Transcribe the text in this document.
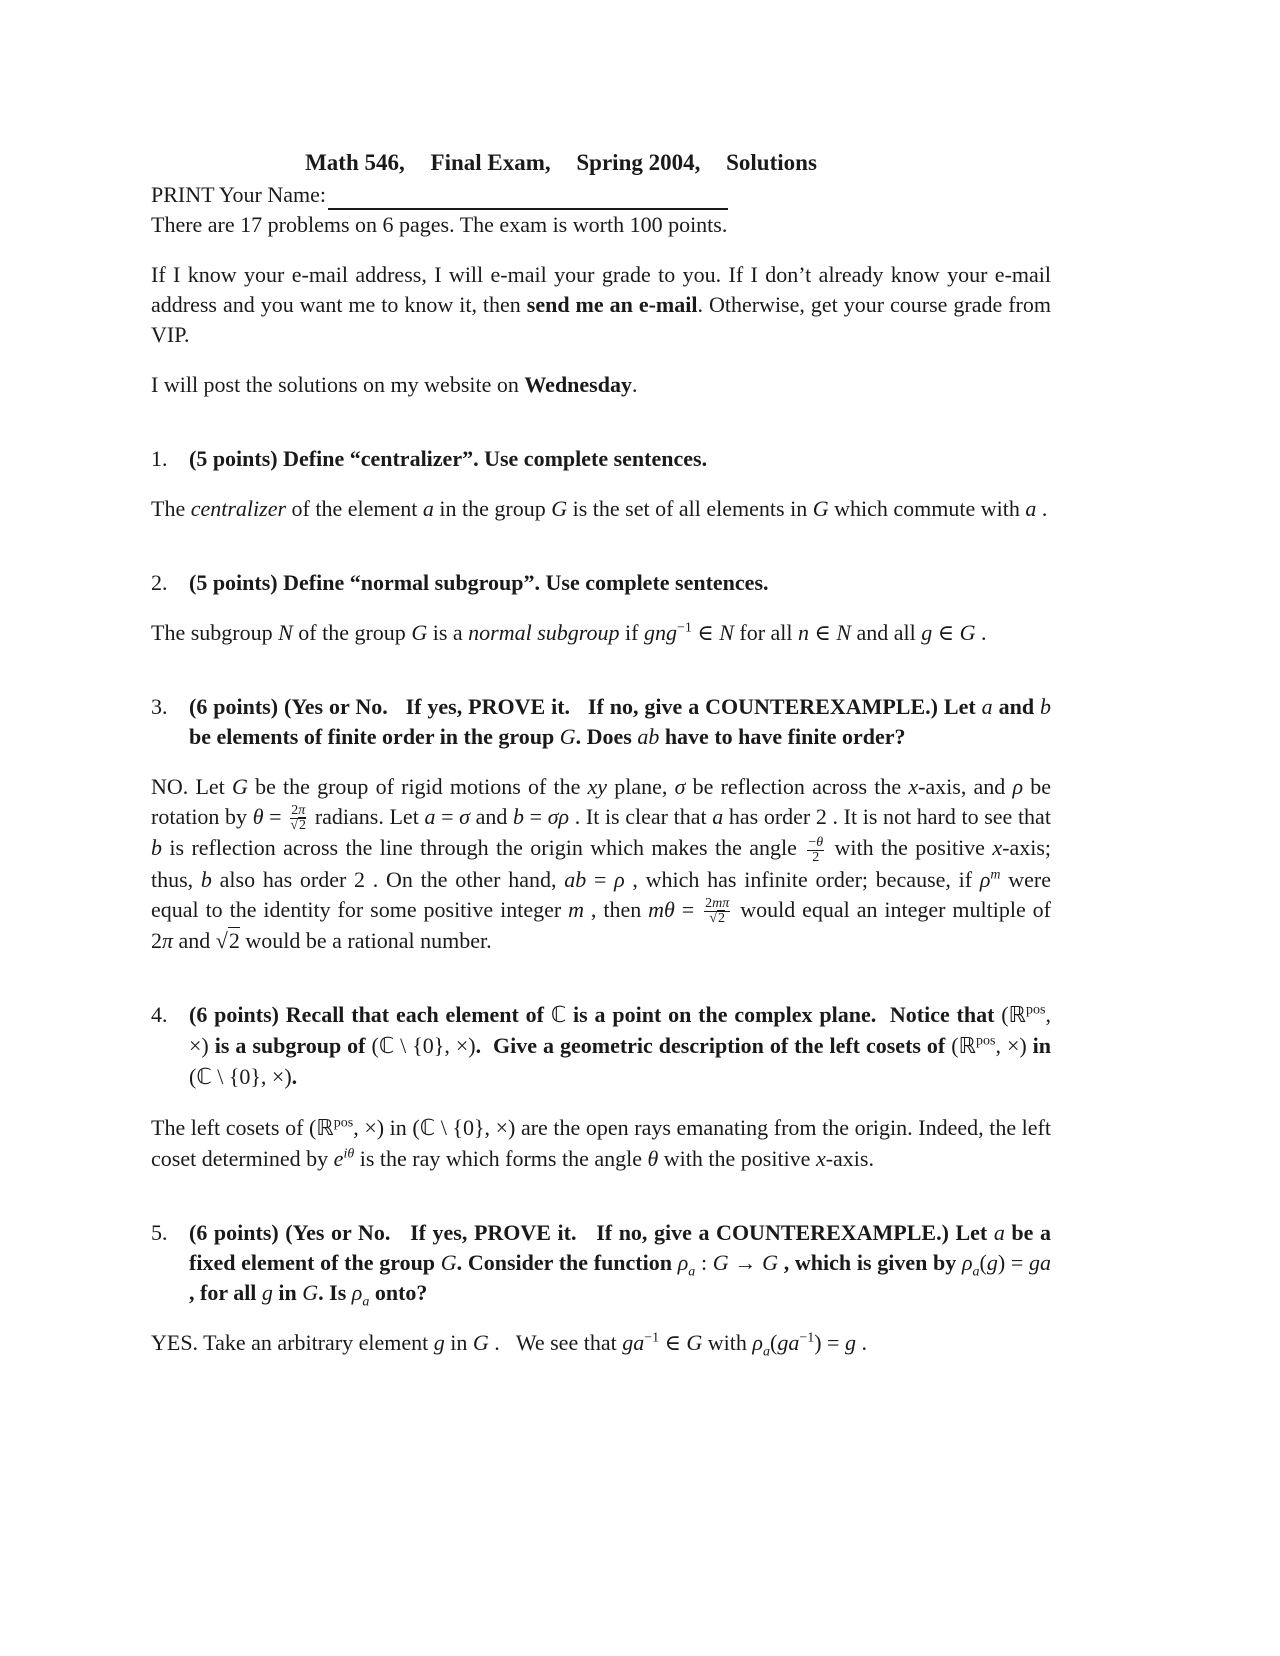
Math 546, Final Exam, Spring 2004, Solutions
PRINT Your Name:

There are 17 problems on 6 pages. The exam is worth 100 points.

If I know your e-mail address, I will e-mail your grade to you. If I don’t already know your e-mail address and you want me to know it, then send me an e-mail. Otherwise, get your course grade from VIP.

I will post the solutions on my website on Wednesday.

1. (5 points) Define “centralizer”. Use complete sentences.

The centralizer of the element a in the group G is the set of all elements in G which commute with a .

2. (5 points) Define “normal subgroup”. Use complete sentences.

The subgroup N of the group G is a normal subgroup if gng$^{-1}$ ∈ N for all n ∈ N and all g ∈ G .

3. (6 points) (Yes or No.   If yes, PROVE it.   If no, give a COUNTEREXAMPLE.) Let a and b be elements of finite order in the group G. Does ab have to have finite order?

NO. Let G be the group of rigid motions of the xy plane, σ be reflection across the x-axis, and ρ be rotation by $\theta = \frac{2\pi}{√2}$ radians. Let a = σ and b = σρ . It is clear that a has order 2 . It is not hard to see that b is reflection across the line through the origin which makes the angle $\frac{-\theta}{2}$ with the positive x-axis; thus, b also has order 2 . On the other hand, ab = ρ , which has infinite order; because, if $\rho^m$ were equal to the identity for some positive integer m , then $m\theta = \frac{2m\pi}{√2}$ would equal an integer multiple of 2π and √2 would be a rational number.

4. (6 points) Recall that each element of ℂ is a point on the complex plane.  Notice that (ℝ$^{pos}$, ×) is a subgroup of (ℂ \ {0}, ×).  Give a geometric description of the left cosets of (ℝ$^{pos}$, ×) in (ℂ \ {0}, ×).

The left cosets of (ℝ$^{pos}$, ×) in (ℂ \ {0}, ×) are the open rays emanating from the origin. Indeed, the left coset determined by $e^{i\theta}$ is the ray which forms the angle θ with the positive x-axis.

5. (6 points) (Yes or No.   If yes, PROVE it.   If no, give a COUNTEREXAMPLE.) Let a be a fixed element of the group G. Consider the function $\rho_a$ : G → G , which is given by $\rho_a(g)$ = ga , for all g in G. Is $\rho_a$ onto?

YES. Take an arbitrary element g in G .   We see that $ga^{-1}$ ∈ G with $\rho_a(ga^{-1}) = g$ .
